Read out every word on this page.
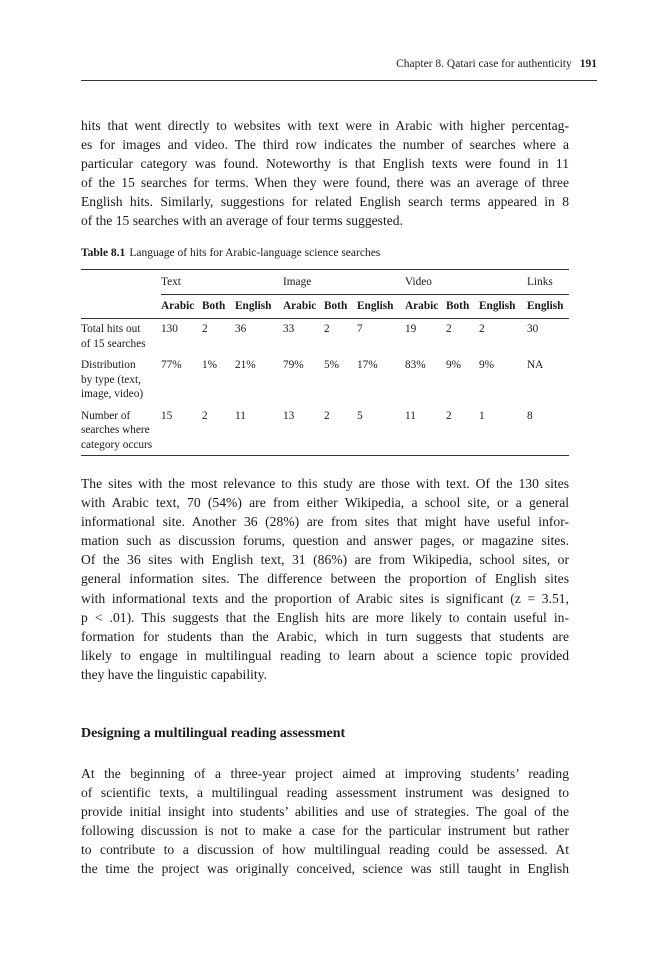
Chapter 8. Qatari case for authenticity 191
hits that went directly to websites with text were in Arabic with higher percentag-
es for images and video. The third row indicates the number of searches where a
particular category was found. Noteworthy is that English texts were found in 11
of the 15 searches for terms. When they were found, there was an average of three
English hits. Similarly, suggestions for related English search terms appeared in 8
of the 15 searches with an average of four terms suggested.

Table 8.1 Language of hits for Arabic-language science searches

	Text			Image			Video			Links
	Arabic	Both	English	Arabic	Both	English	Arabic	Both	English	English

Total hits out
of 15 searches	130	2	36	33	2	7	19	2	2	30

Distribution
by type (text,
image, video)	77%	1%	21%	79%	5%	17%	83%	9%	9%	NA

Number of
searches where
category occurs	15	2	11	13	2	5	11	2	1	8
The sites with the most relevance to this study are those with text. Of the 130 sites
with Arabic text, 70 (54%) are from either Wikipedia, a school site, or a general
informational site. Another 36 (28%) are from sites that might have useful infor-
mation such as discussion forums, question and answer pages, or magazine sites.
Of the 36 sites with English text, 31 (86%) are from Wikipedia, school sites, or
general information sites. The difference between the proportion of English sites
with informational texts and the proportion of Arabic sites is significant (z = 3.51,
p < .01). This suggests that the English hits are more likely to contain useful in-
formation for students than the Arabic, which in turn suggests that students are
likely to engage in multilingual reading to learn about a science topic provided
they have the linguistic capability.
Designing a multilingual reading assessment
At the beginning of a three-year project aimed at improving students’ reading
of scientific texts, a multilingual reading assessment instrument was designed to
provide initial insight into students’ abilities and use of strategies. The goal of the
following discussion is not to make a case for the particular instrument but rather
to contribute to a discussion of how multilingual reading could be assessed. At
the time the project was originally conceived, science was still taught in English
